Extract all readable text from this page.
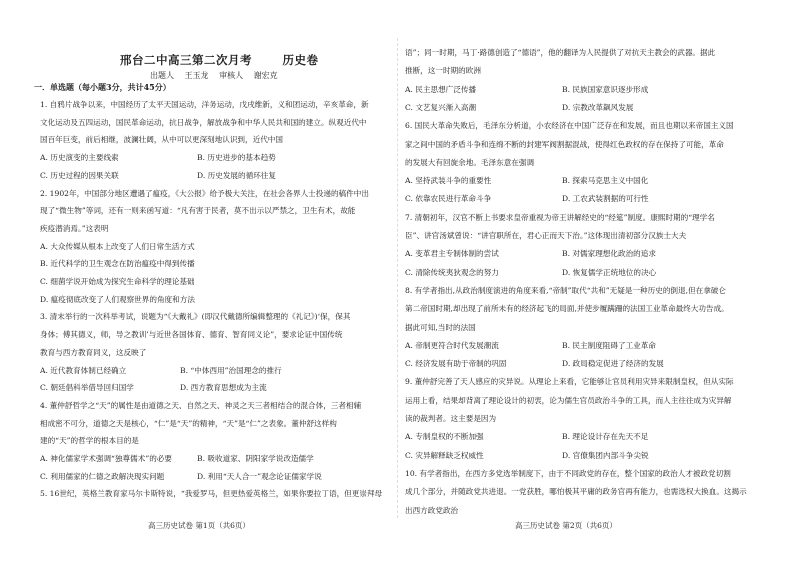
邢台二中高三第二次月考	历史卷
出题人 王玉龙 审核人 谢宏克
一．单选题（每小题3分，共计45分）
1. 自鸦片战争以来，中国经历了太平天国运动，洋务运动，戊戌维新，义和团运动，辛亥革命，新
文化运动及五四运动，国民革命运动，抗日战争，解放战争和中华人民共和国的建立。纵观近代中
国百年巨变，前后相继，波澜壮阔，从中可以更深刻地认识到，近代中国
2. 1902年，中国部分地区遭遇了瘟疫，《大公报》给予极大关注，在社会各界人士投递的稿件中出
现了“微生物”等词，还有一则来函写道：“凡有害于民者，莫不出示以严禁之，卫生有术，故能
疾疫潜消焉。”这表明
3. 清末举行的一次科举考试，说题为“《大戴礼》(即汉代戴德所编辑整理的《礼记》)‘保，保其
身体；傅其德义，师，导之教训’与近世各国体育、德育、智育同义论”，要求论证中国传统
教育与西方教育同义，这反映了
4. 董仲舒哲学之“天”的属性是由道德之天、自然之天、神灵之天三者相结合的混合体，三者相辅
相成密不可分，道德之天是核心，“仁”是“天”的精神，“天”是“仁”之表象。董仲舒这样构
建的“天”的哲学的根本目的是
5. 16世纪，英格兰教育家马尔卡斯特说，“我爱罗马，但更热爱英格兰，如果你要拉丁语，但更崇拜母
A. 历史演变的主要线索	B. 历史进步的基本趋势
C. 历史过程的因果关联	D. 历史发展的循环往复
A. 大众传媒从根本上改变了人们日常生活方式
B. 近代科学的卫生观念在防治瘟疫中得到传播
C. 细菌学说开始成为探究生命科学的理论基础
D. 瘟疫彻底改变了人们观察世界的角度和方法
A. 近代教育体制已经确立	B. “中体西用”治国理念的推行
C. 朝廷倡科举借导回归国学	D. 西方教育思想成为主流
A. 神化儒家学术强调“独尊儒术”的必要	B. 吸收道家、阴阳家学说改造儒学
C. 利用儒家的仁德之政解决现实问题	D. 利用“天人合一”观念论证儒家学说
高三历史试卷 第1页（共6页）
语”；同一时期，马丁·路德创造了“德语”，他的翻译为人民提供了对抗天主教会的武器。据此
推断，这一时期的欧洲
6. 国民大革命失败后，毛泽东分析道，小农经济在中国广泛存在和发展，而且也期以来帝国主义国
家之间中国的矛盾斗争和连绵不断的封建军阀割据混战，使得红色政权的存在保持了可能，革命
的发展大有回旋余地。毛泽东意在强调
7. 清朝初年，汉官不断上书要求皇帝重视为帝王讲解经史的“经筵”制度。康熙时期的“理学名
臣”、讲官汤斌曾说：“讲官职所在，君心正而天下治。”这体现出清初部分汉族士大夫
8. 有学者指出,从政治制度演进的角度来看,“帝制”取代“共和”无疑是一种历史的倒退,但在拿破仑
第二帝国时期,却出现了前所未有的经济起飞的局面,并使步履蹒跚的法国工业革命最终大功告成。
据此可知,当时的法国
9. 董仲舒完善了天人感应的灾异说。从理论上来看，它能够让官员利用灾异来限制皇权，但从实际
运用上看，结果却背离了理论设计的初衷，论为儒生官员政治斗争的工具，而人主往往成为灾异解
读的裁判者。这主要是因为
10. 有学者指出，在西方多党选举制度下，由于不同政党的存在，整个国家的政治人才被政党切割
成几个部分，并随政党共进退。一党获胜，哪怕极其平庸的政务官再有能力，也需选权大换血。这揭示
出西方政党政治
A. 民主思想广泛传播	B. 民族国家意识逐步形成
C. 文艺复兴渐入高潮	D. 宗教改革飙风发展
A. 坚持武装斗争的重要性	B. 探索马克思主义中国化
C. 依靠农民进行革命斗争	D. 工农武装割据的可行性
A. 变革君主专制体制的尝试	B. 对儒家理想化政治的追求
C. 清除传统夷狄观念的努力	D. 恢复儒学正统地位的决心
A. 帝制更符合时代发展潮流	B. 民主制度阻碍了工业革命
C. 经济发展有助于帝制的巩固	D. 政局稳定促进了经济的发展
A. 专制皇权的不断加强	B. 理论设计存在先天不足
C. 灾异解释缺乏权威性	D. 官僚集团内部斗争尖锐
高三历史试卷 第2页（共6页）
